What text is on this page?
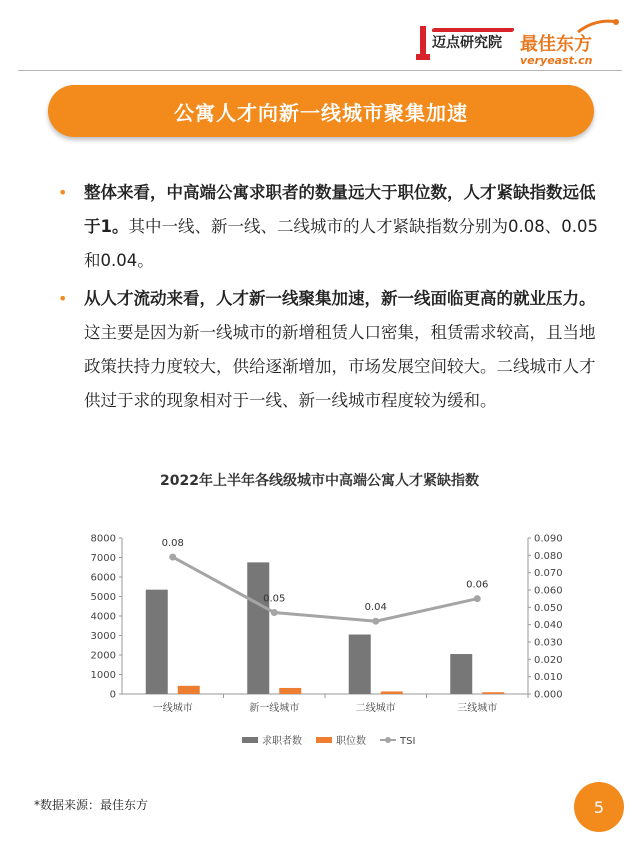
迈点研究院 最佳东方
veryeast.cn
公寓人才向新一线城市聚集加速
• 整体来看，中高端公寓求职者的数量远大于职位数，人才紧缺指数远低于1。其中一线、新一线、二线城市的人才紧缺指数分别为0.08、0.05和0.04。
• 从人才流动来看，人才新一线聚集加速，新一线面临更高的就业压力。这主要是因为新一线城市的新增租赁人口密集，租赁需求较高，且当地政策扶持力度较大，供给逐渐增加，市场发展空间较大。二线城市人才供过于求的现象相对于一线、新一线城市程度较为缓和。
2022年上半年各线级城市中高端公寓人才紧缺指数
0
1000
2000
3000
4000
5000
6000
7000
8000
0.000
0.010
0.020
0.030
0.040
0.050
0.060
0.070
0.080
0.090
一线城市	新一线城市	二线城市	三线城市
0.08
0.05
0.04
0.06
求职者数	职位数	TSI
*数据来源：最佳东方	5
